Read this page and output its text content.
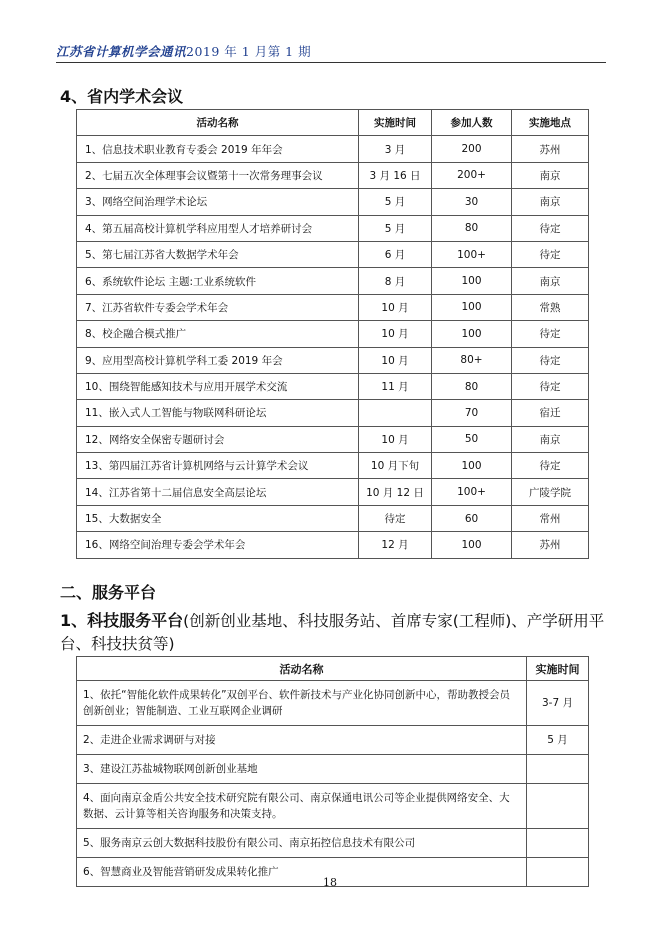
江苏省计算机学会通讯2019 年 1 月第 1 期
4、省内学术会议
活动名称	实施时间	参加人数	实施地点
1、信息技术职业教育专委会 2019 年年会	3 月	200	苏州
2、七届五次全体理事会议暨第十一次常务理事会议	3 月 16 日	200+	南京
3、网络空间治理学术论坛	5 月	30	南京
4、第五届高校计算机学科应用型人才培养研讨会	5 月	80	待定
5、第七届江苏省大数据学术年会	6 月	100+	待定
6、系统软件论坛 主题:工业系统软件	8 月	100	南京
7、江苏省软件专委会学术年会	10 月	100	常熟
8、校企融合模式推广	10 月	100	待定
9、应用型高校计算机学科工委 2019 年会	10 月	80+	待定
10、围绕智能感知技术与应用开展学术交流	11 月	80	待定
11、嵌入式人工智能与物联网科研论坛		70	宿迁
12、网络安全保密专题研讨会	10 月	50	南京
13、第四届江苏省计算机网络与云计算学术会议	10 月下旬	100	待定
14、江苏省第十二届信息安全高层论坛	10 月 12 日	100+	广陵学院
15、大数据安全	待定	60	常州
16、网络空间治理专委会学术年会	12 月	100	苏州
二、服务平台
1、科技服务平台(创新创业基地、科技服务站、首席专家(工程师)、产学研用平台、科技扶贫等)
活动名称	实施时间
1、依托“智能化软件成果转化”双创平台、软件新技术与产业化协同创新中心，帮助教授会员创新创业；智能制造、工业互联网企业调研	3-7 月
2、走进企业需求调研与对接	5 月
3、建设江苏盐城物联网创新创业基地	
4、面向南京金盾公共安全技术研究院有限公司、南京保通电讯公司等企业提供网络安全、大数据、云计算等相关咨询服务和决策支持。	
5、服务南京云创大数据科技股份有限公司、南京拓控信息技术有限公司	
6、智慧商业及智能营销研发成果转化推广	
18
